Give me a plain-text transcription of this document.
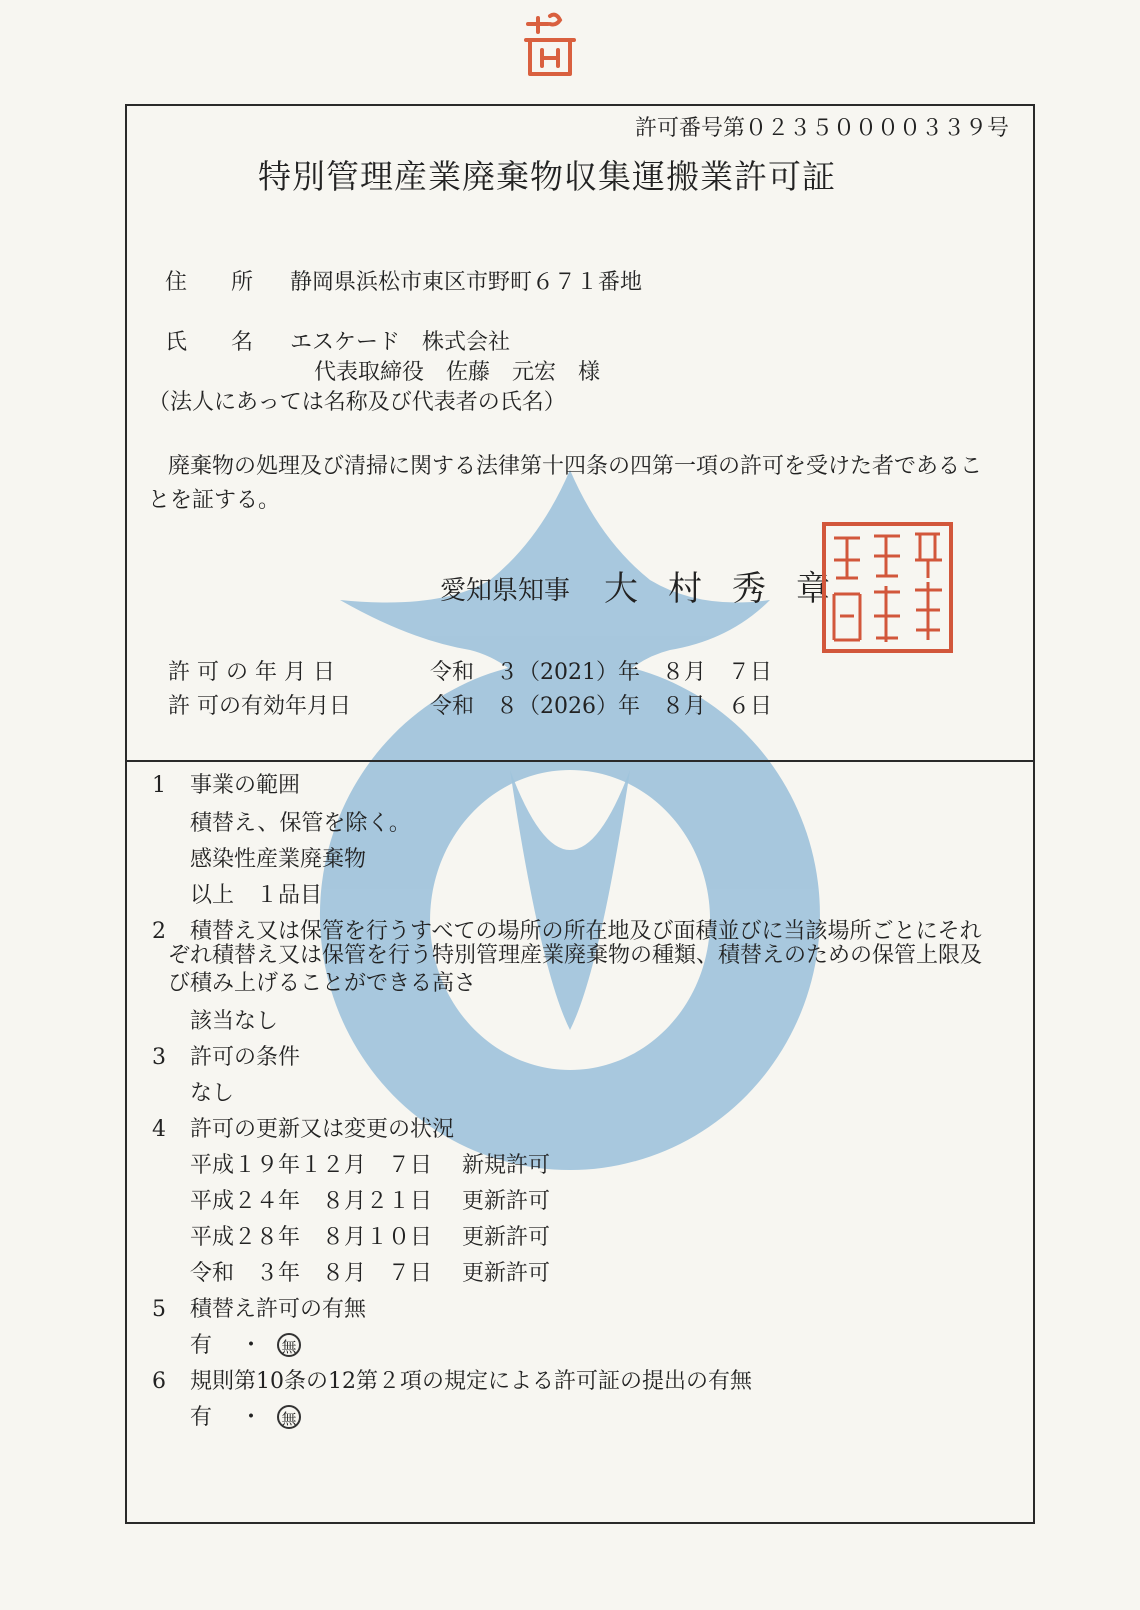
許可番号第０２３５００００３３９号
特別管理産業廃棄物収集運搬業許可証
住　　所 静岡県浜松市東区市野町６７１番地
氏　　名 エスケード　株式会社
代表取締役　佐藤　元宏　様
（法人にあっては名称及び代表者の氏名）
廃棄物の処理及び清掃に関する法律第十四条の四第一項の許可を受けた者であるこ
とを証する。
愛知県知事 大村秀章
許 可 の 年 月 日	令和　３（2021）年　８月　７日
許 可の有効年月日	令和　８（2026）年　８月　６日
1 事業の範囲
積替え、保管を除く。
感染性産業廃棄物
以上　１品目
2 積替え又は保管を行うすべての場所の所在地及び面積並びに当該場所ごとにそれ
ぞれ積替え又は保管を行う特別管理産業廃棄物の種類、積替えのための保管上限及
び積み上げることができる高さ
該当なし
3 許可の条件
なし
4 許可の更新又は変更の状況
平成１９年１２月　７日 新規許可
平成２４年　８月２１日 更新許可
平成２８年　８月１０日 更新許可
令和　３年　８月　７日 更新許可
5 積替え許可の有無
有 ・ 無
6 規則第10条の12第２項の規定による許可証の提出の有無
有 ・ 無
